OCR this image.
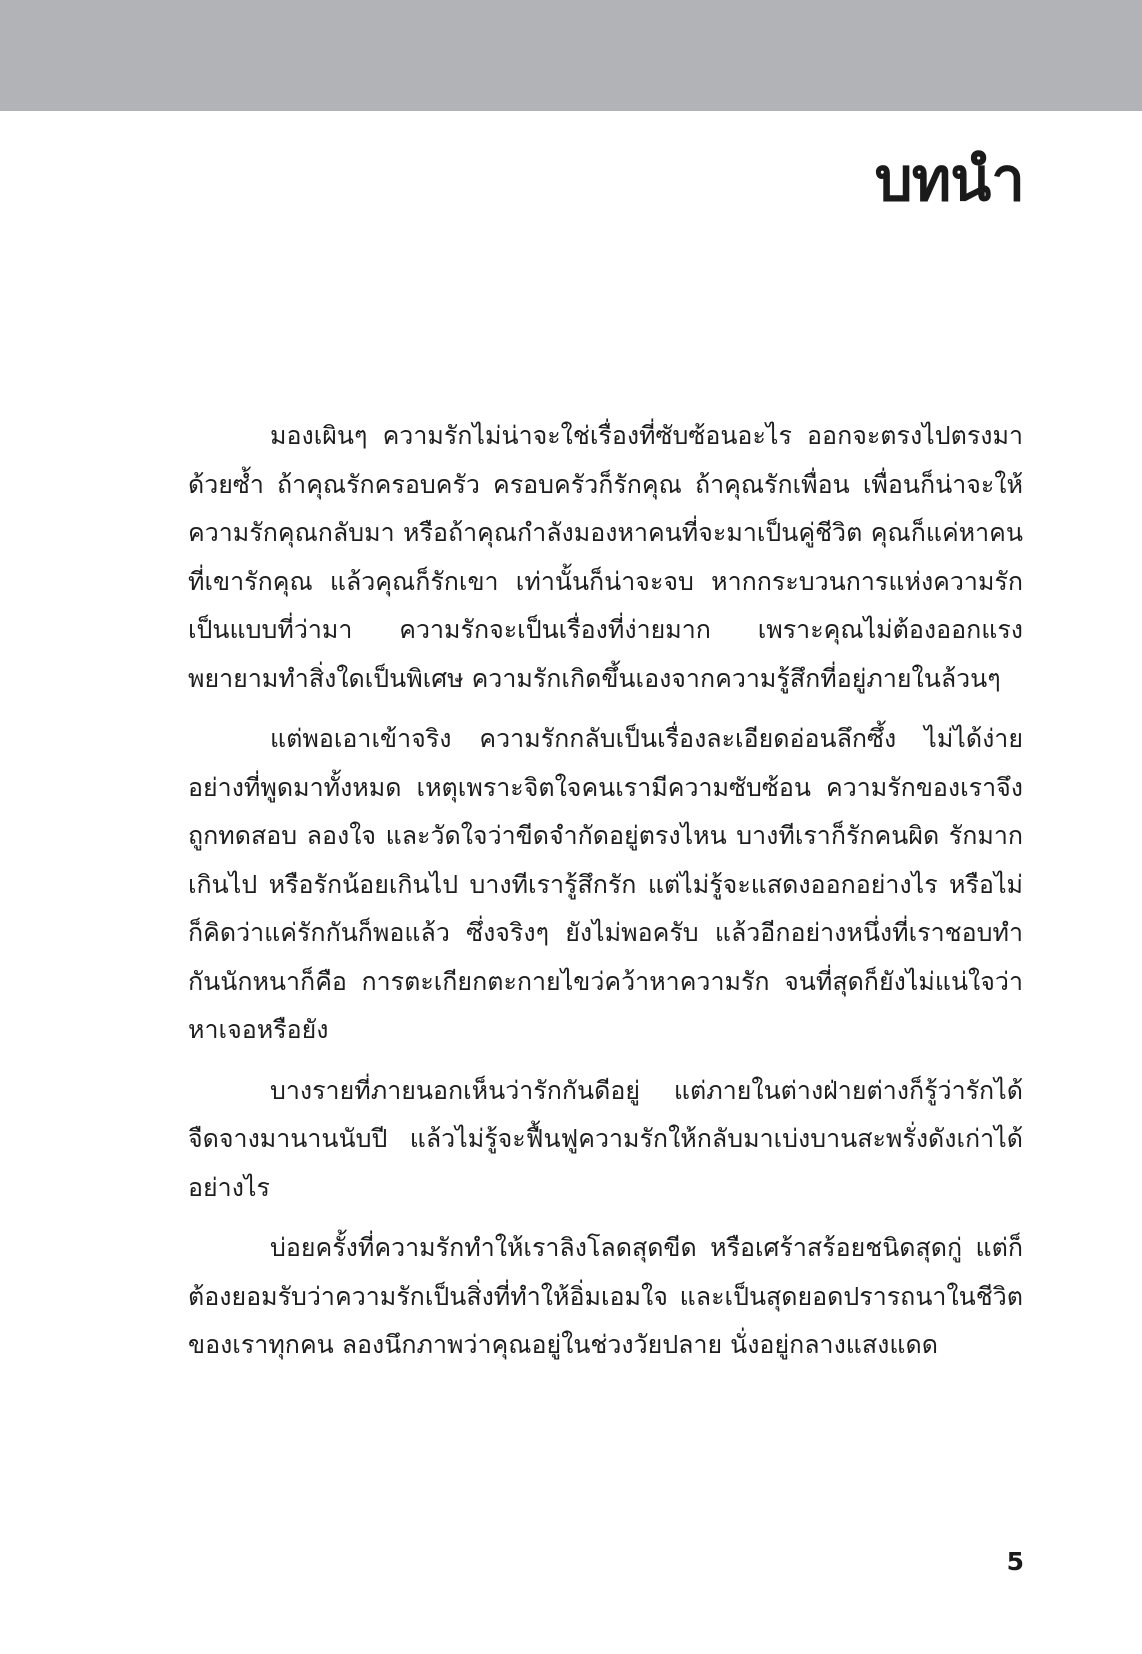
บทนำ

มองเผินๆ ความรักไม่น่าจะใช่เรื่องที่ซับซ้อนอะไร ออกจะตรงไปตรงมาด้วยซ้ำ ถ้าคุณรักครอบครัว ครอบครัวก็รักคุณ ถ้าคุณรักเพื่อน เพื่อนก็น่าจะให้ความรักคุณกลับมา หรือถ้าคุณกำลังมองหาคนที่จะมาเป็นคู่ชีวิต คุณก็แค่หาคนที่เขารักคุณ แล้วคุณก็รักเขา เท่านั้นก็น่าจะจบ หากกระบวนการแห่งความรักเป็นแบบที่ว่ามา ความรักจะเป็นเรื่องที่ง่ายมาก เพราะคุณไม่ต้องออกแรงพยายามทำสิ่งใดเป็นพิเศษ ความรักเกิดขึ้นเองจากความรู้สึกที่อยู่ภายในล้วนๆ

แต่พอเอาเข้าจริง ความรักกลับเป็นเรื่องละเอียดอ่อนลึกซึ้ง ไม่ได้ง่ายอย่างที่พูดมาทั้งหมด เหตุเพราะจิตใจคนเรามีความซับซ้อน ความรักของเราจึงถูกทดสอบ ลองใจ และวัดใจว่าขีดจำกัดอยู่ตรงไหน บางทีเราก็รักคนผิด รักมากเกินไป หรือรักน้อยเกินไป บางทีเรารู้สึกรัก แต่ไม่รู้จะแสดงออกอย่างไร หรือไม่ก็คิดว่าแค่รักกันก็พอแล้ว ซึ่งจริงๆ ยังไม่พอครับ แล้วอีกอย่างหนึ่งที่เราชอบทำกันนักหนาก็คือ การตะเกียกตะกายไขว่คว้าหาความรัก จนที่สุดก็ยังไม่แน่ใจว่าหาเจอหรือยัง

บางรายที่ภายนอกเห็นว่ารักกันดีอยู่ แต่ภายในต่างฝ่ายต่างก็รู้ว่ารักได้จืดจางมานานนับปี แล้วไม่รู้จะฟื้นฟูความรักให้กลับมาเบ่งบานสะพรั่งดังเก่าได้อย่างไร

บ่อยครั้งที่ความรักทำให้เราลิงโลดสุดขีด หรือเศร้าสร้อยชนิดสุดกู่ แต่ก็ต้องยอมรับว่าความรักเป็นสิ่งที่ทำให้อิ่มเอมใจ และเป็นสุดยอดปรารถนาในชีวิตของเราทุกคน ลองนึกภาพว่าคุณอยู่ในช่วงวัยปลาย นั่งอยู่กลางแสงแดด

5
